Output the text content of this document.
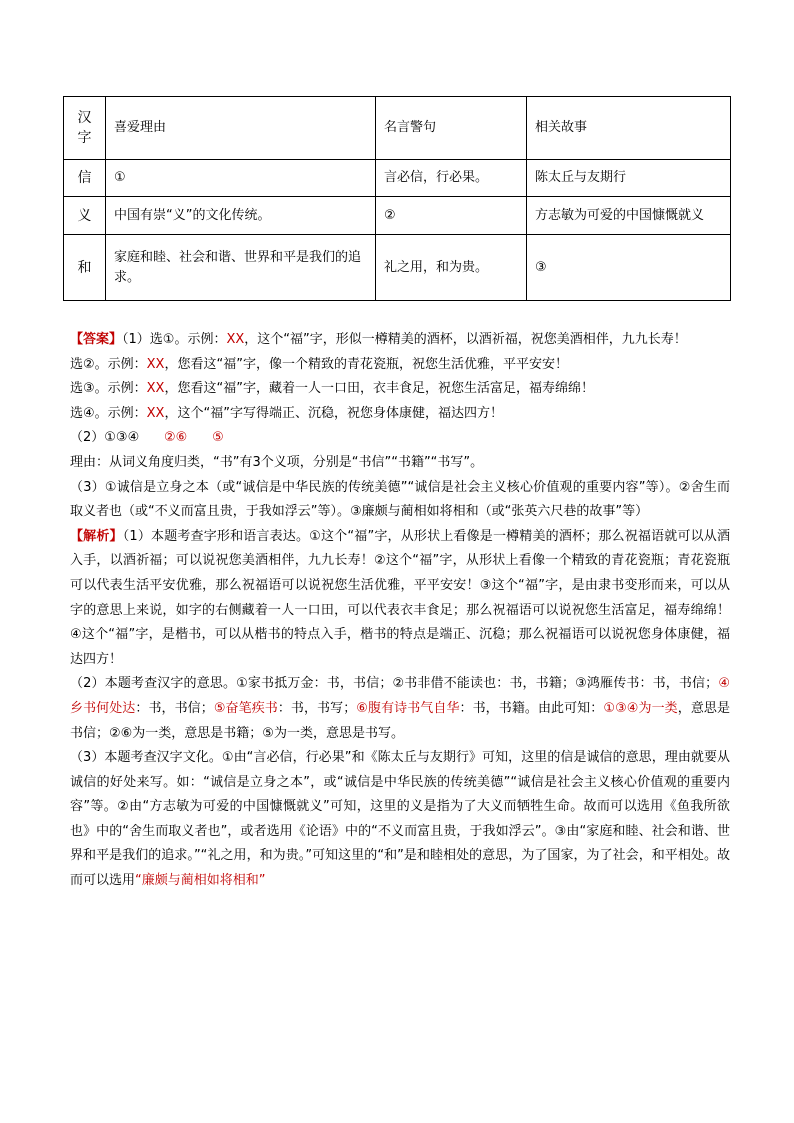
汉
字	喜爱理由	名言警句	相关故事
信	①	言必信，行必果。	陈太丘与友期行
义	中国有崇“义”的文化传统。	②	方志敏为可爱的中国慷慨就义
和	家庭和睦、社会和谐、世界和平是我们的追求。	礼之用，和为贵。	③

【答案】（1）选①。示例：XX，这个“福”字，形似一樽精美的酒杯，以酒祈福，祝您美酒相伴，九九长寿！

选②。示例：XX，您看这“福”字，像一个精致的青花瓷瓶，祝您生活优雅，平平安安！

选③。示例：XX，您看这“福”字，藏着一人一口田，衣丰食足，祝您生活富足，福寿绵绵！

选④。示例：XX，这个“福”字写得端正、沉稳，祝您身体康健，福达四方！

（2）①③④ ②⑥ ⑤

理由：从词义角度归类，“书”有3个义项，分别是“书信”“书籍”“书写”。

（3）①诚信是立身之本（或“诚信是中华民族的传统美德”“诚信是社会主义核心价值观的重要内容”等）。②舍生而取义者也（或“不义而富且贵，于我如浮云”等）。③廉颇与蔺相如将相和（或“张英六尺巷的故事”等）

【解析】（1）本题考查字形和语言表达。①这个“福”字，从形状上看像是一樽精美的酒杯；那么祝福语就可以从酒入手，以酒祈福；可以说祝您美酒相伴，九九长寿！②这个“福”字，从形状上看像一个精致的青花瓷瓶；青花瓷瓶可以代表生活平安优雅，那么祝福语可以说祝您生活优雅，平平安安！③这个“福”字，是由隶书变形而来，可以从字的意思上来说，如字的右侧藏着一人一口田，可以代表衣丰食足；那么祝福语可以说祝您生活富足，福寿绵绵！④这个“福”字，是楷书，可以从楷书的特点入手，楷书的特点是端正、沉稳；那么祝福语可以说祝您身体康健，福达四方！

（2）本题考查汉字的意思。①家书抵万金：书，书信；②书非借不能读也：书，书籍；③鸿雁传书：书，书信；④乡书何处达：书，书信；⑤奋笔疾书：书，书写；⑥腹有诗书气自华：书，书籍。由此可知：①③④为一类，意思是书信；②⑥为一类，意思是书籍；⑤为一类，意思是书写。

（3）本题考查汉字文化。①由“言必信，行必果”和《陈太丘与友期行》可知，这里的信是诚信的意思，理由就要从诚信的好处来写。如：“诚信是立身之本”，或“诚信是中华民族的传统美德”“诚信是社会主义核心价值观的重要内容”等。②由“方志敏为可爱的中国慷慨就义”可知，这里的义是指为了大义而牺牲生命。故而可以选用《鱼我所欲也》中的“舍生而取义者也”，或者选用《论语》中的“不义而富且贵，于我如浮云”。③由“家庭和睦、社会和谐、世界和平是我们的追求。”“礼之用，和为贵。”可知这里的“和”是和睦相处的意思，为了国家，为了社会，和平相处。故而可以选用“廉颇与蔺相如将相和”
